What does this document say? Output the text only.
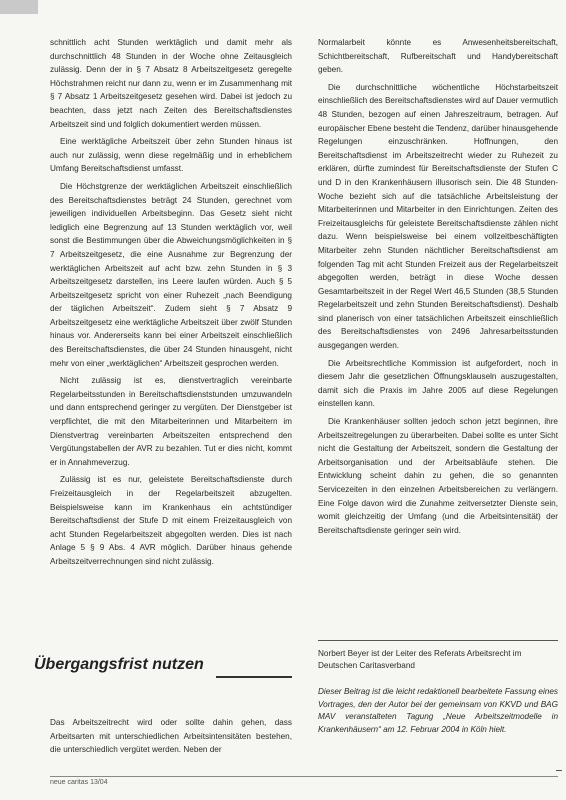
schnittlich acht Stunden werktäglich und damit mehr als durchschnittlich 48 Stunden in der Woche ohne Zeitausgleich zulässig. Denn der in § 7 Absatz 8 Arbeitszeitgesetz geregelte Höchstrahmen reicht nur dann zu, wenn er im Zusammenhang mit § 7 Absatz 1 Arbeitszeitgesetz gesehen wird. Dabei ist jedoch zu beachten, dass jetzt nach Zeiten des Bereitschaftsdienstes Arbeitszeit sind und folglich dokumentiert werden müssen.

Eine werktägliche Arbeitszeit über zehn Stunden hinaus ist auch nur zulässig, wenn diese regelmäßig und in erheblichem Umfang Bereitschaftsdienst umfasst.

Die Höchstgrenze der werktäglichen Arbeitszeit einschließlich des Bereitschaftsdienstes beträgt 24 Stunden, gerechnet vom jeweiligen individuellen Arbeitsbeginn. Das Gesetz sieht nicht lediglich eine Begrenzung auf 13 Stunden werktäglich vor, weil sonst die Bestimmungen über die Abweichungsmöglichkeiten in § 7 Arbeitszeitgesetz, die eine Ausnahme zur Begrenzung der werktäglichen Arbeitszeit auf acht bzw. zehn Stunden in § 3 Arbeitszeitgesetz darstellen, ins Leere laufen würden. Auch § 5 Arbeitszeitgesetz spricht von einer Ruhezeit „nach Beendigung der täglichen Arbeitszeit“. Zudem sieht § 7 Absatz 9 Arbeitszeitgesetz eine werktägliche Arbeitszeit über zwölf Stunden hinaus vor. Andererseits kann bei einer Arbeitszeit einschließlich des Bereitschaftsdienstes, die über 24 Stunden hinausgeht, nicht mehr von einer „werktäglichen“ Arbeitszeit gesprochen werden.

Nicht zulässig ist es, dienstvertraglich vereinbarte Regelarbeitsstunden in Bereitschaftsdienststunden umzuwandeln und dann entsprechend geringer zu vergüten. Der Dienstgeber ist verpflichtet, die mit den Mitarbeiterinnen und Mitarbeitern im Dienstvertrag vereinbarten Arbeitszeiten entsprechend den Vergütungstabellen der AVR zu bezahlen. Tut er dies nicht, kommt er in Annahmeverzug.

Zulässig ist es nur, geleistete Bereitschaftsdienste durch Freizeitausgleich in der Regelarbeitszeit abzugelten. Beispielsweise kann im Krankenhaus ein achtstündiger Bereitschaftsdienst der Stufe D mit einem Freizeitausgleich von acht Stunden Regelarbeitszeit abgegolten werden. Dies ist nach Anlage 5 § 9 Abs. 4 AVR möglich. Darüber hinaus gehende Arbeitszeitverrechnungen sind nicht zulässig.

Übergangsfrist nutzen

Das Arbeitszeitrecht wird oder sollte dahin gehen, dass Arbeitsarten mit unterschiedlichen Arbeitsintensitäten bestehen, die unterschiedlich vergütet werden. Neben der

Normalarbeit könnte es Anwesenheitsbereitschaft, Schichtbereitschaft, Rufbereitschaft und Handybereitschaft geben.

Die durchschnittliche wöchentliche Höchstarbeitszeit einschließlich des Bereitschaftsdienstes wird auf Dauer vermutlich 48 Stunden, bezogen auf einen Jahreszeitraum, betragen. Auf europäischer Ebene besteht die Tendenz, darüber hinausgehende Regelungen einzuschränken. Hoffnungen, den Bereitschaftsdienst im Arbeitszeitrecht wieder zu Ruhezeit zu erklären, dürfte zumindest für Bereitschaftsdienste der Stufen C und D in den Krankenhäusern illusorisch sein. Die 48 Stunden-Woche bezieht sich auf die tatsächliche Arbeitsleistung der Mitarbeiterinnen und Mitarbeiter in den Einrichtungen. Zeiten des Freizeitausgleichs für geleistete Bereitschaftsdienste zählen nicht dazu. Wenn beispielsweise bei einem vollzeitbeschäftigten Mitarbeiter zehn Stunden nächtlicher Bereitschaftsdienst am folgenden Tag mit acht Stunden Freizeit aus der Regelarbeitszeit abgegolten werden, beträgt in diese Woche dessen Gesamtarbeitszeit in der Regel Wert 46,5 Stunden (38,5 Stunden Regelarbeitszeit und zehn Stunden Bereitschaftsdienst). Deshalb sind planerisch von einer tatsächlichen Arbeitszeit einschließlich des Bereitschaftsdienstes von 2496 Jahresarbeitsstunden ausgegangen werden.

Die Arbeitsrechtliche Kommission ist aufgefordert, noch in diesem Jahr die gesetzlichen Öffnungsklauseln auszugestalten, damit sich die Praxis im Jahre 2005 auf diese Regelungen einstellen kann.

Die Krankenhäuser sollten jedoch schon jetzt beginnen, ihre Arbeitszeitregelungen zu überarbeiten. Dabei sollte es unter Sicht nicht die Gestaltung der Arbeitszeit, sondern die Gestaltung der Arbeitsorganisation und der Arbeitsabläufe stehen. Die Entwicklung scheint dahin zu gehen, die so genannten Servicezeiten in den einzelnen Arbeitsbereichen zu verlängern. Eine Folge davon wird die Zunahme zeitversetzter Dienste sein, womit gleichzeitig der Umfang (und die Arbeitsintensität) der Bereitschaftsdienste geringer sein wird.

Norbert Beyer ist der Leiter des Referats Arbeitsrecht im Deutschen Caritasverband
Dieser Beitrag ist die leicht redaktionell bearbeitete Fassung eines Vortrages, den der Autor bei der gemeinsam von KKVD und BAG MAV veranstalteten Tagung „Neue Arbeitszeitmodelle in Krankenhäusern“ am 12. Februar 2004 in Köln hielt.
neue caritas 13/04
